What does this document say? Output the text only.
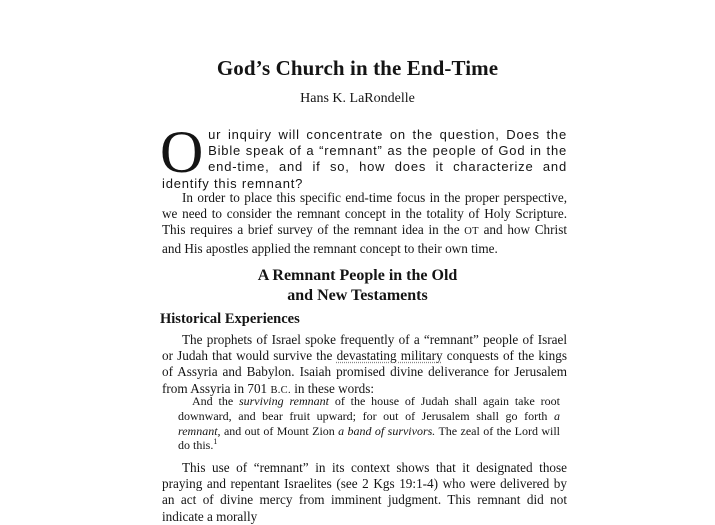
God’s Church in the End-Time

Hans K. LaRondelle

Our inquiry will concentrate on the question, Does the Bible speak of a “remnant” as the people of God in the end-time, and if so, how does it characterize and identify this remnant?

In order to place this specific end-time focus in the proper perspective, we need to consider the remnant concept in the totality of Holy Scripture. This requires a brief survey of the remnant idea in the OT and how Christ and His apostles applied the remnant concept to their own time.

A Remnant People in the Old
and New Testaments
Historical Experiences

The prophets of Israel spoke frequently of a “remnant” people of Israel or Judah that would survive the devastating military conquests of the kings of Assyria and Babylon. Isaiah promised divine deliverance for Jerusalem from Assyria in 701 B.C. in these words:

And the surviving remnant of the house of Judah shall again take root downward, and bear fruit upward; for out of Jerusalem shall go forth a remnant, and out of Mount Zion a band of survivors. The zeal of the Lord will do this.$^1$

This use of “remnant” in its context shows that it designated those praying and repentant Israelites (see 2 Kgs 19:1-4) who were delivered by an act of divine mercy from imminent judgment. This remnant did not indicate a morally
